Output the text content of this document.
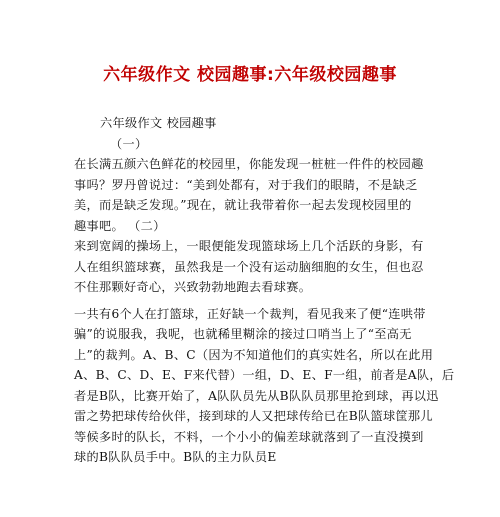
六年级作文 校园趣事:六年级校园趣事
六年级作文 校园趣事
（一）
在长满五颜六色鲜花的校园里，你能发现一桩桩一件件的校园趣
事吗？罗丹曾说过：“美到处都有，对于我们的眼睛，不是缺乏
美，而是缺乏发现。”现在，就让我带着你一起去发现校园里的
趣事吧。 （二）
来到宽阔的操场上，一眼便能发现篮球场上几个活跃的身影，有
人在组织篮球赛，虽然我是一个没有运动脑细胞的女生，但也忍
不住那颗好奇心，兴致勃勃地跑去看球赛。
一共有6个人在打篮球，正好缺一个裁判，看见我来了便“连哄带
骗”的说服我，我呢，也就稀里糊涂的接过口哨当上了“至高无
上”的裁判。A、B、C（因为不知道他们的真实姓名，所以在此用
A、B、C、D、E、F来代替）一组，D、E、F一组，前者是A队，后
者是B队，比赛开始了，A队队员先从B队队员那里抢到球，再以迅
雷之势把球传给伙伴，接到球的人又把球传给已在B队篮球筐那儿
等候多时的队长，不料，一个小小的偏差球就落到了一直没摸到
球的B队队员手中。B队的主力队员E
